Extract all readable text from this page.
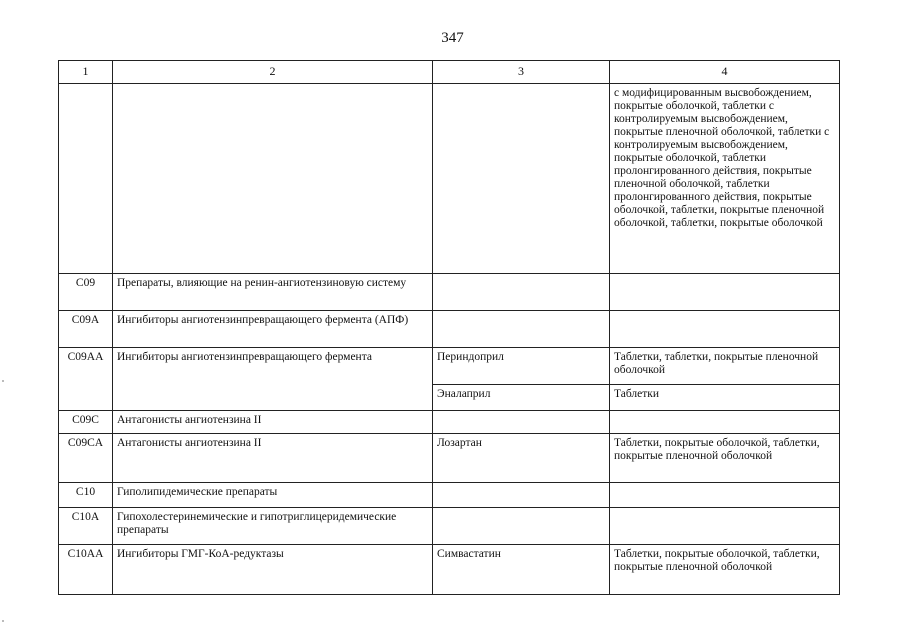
347
1	2	3	4
			с модифицированным высвобождением, покрытые оболочкой, таблетки с контролируемым высвобождением, покрытые пленочной оболочкой, таблетки с контролируемым высвобождением, покрытые оболочкой, таблетки пролонгированного действия, покрытые пленочной оболочкой, таблетки пролонгированного действия, покрытые оболочкой, таблетки, покрытые пленочной оболочкой, таблетки, покрытые оболочкой
C09	Препараты, влияющие на ренин-ангиотензиновую систему		
C09A	Ингибиторы ангиотензинпревращающего фермента (АПФ)		
C09AA	Ингибиторы ангиотензинпревращающего фермента	Периндоприл	Таблетки, таблетки, покрытые пленочной оболочкой
		Эналаприл	Таблетки
C09C	Антагонисты ангиотензина II		
C09CA	Антагонисты ангиотензина II	Лозартан	Таблетки, покрытые оболочкой, таблетки, покрытые пленочной оболочкой
C10	Гиполипидемические препараты		
C10A	Гипохолестеринемические и гипотриглицеридемические препараты		
C10AA	Ингибиторы ГМГ-КоА-редуктазы	Симвастатин	Таблетки, покрытые оболочкой, таблетки, покрытые пленочной оболочкой
